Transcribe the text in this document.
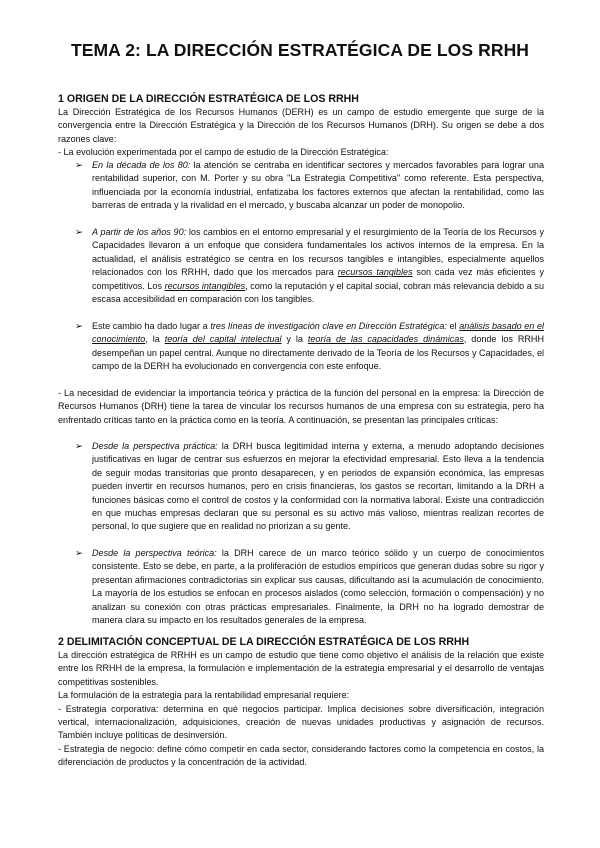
TEMA 2: LA DIRECCIÓN ESTRATÉGICA DE LOS RRHH
1 ORIGEN DE LA DIRECCIÓN ESTRATÉGICA DE LOS RRHH

La Dirección Estratégica de los Recursos Humanos (DERH) es un campo de estudio emergente que surge de la convergencia entre la Dirección Estratégica y la Dirección de los Recursos Humanos (DRH). Su origen se debe a dos razones clave:

- La evolución experimentada por el campo de estudio de la Dirección Estratégica:

➢ En la década de los 80: la atención se centraba en identificar sectores y mercados favorables para lograr una rentabilidad superior, con M. Porter y su obra "La Estrategia Competitiva" como referente. Esta perspectiva, influenciada por la economía industrial, enfatizaba los factores externos que afectan la rentabilidad, como las barreras de entrada y la rivalidad en el mercado, y buscaba alcanzar un poder de monopolio.
➢ A partir de los años 90: los cambios en el entorno empresarial y el resurgimiento de la Teoría de los Recursos y Capacidades llevaron a un enfoque que considera fundamentales los activos internos de la empresa. En la actualidad, el análisis estratégico se centra en los recursos tangibles e intangibles, especialmente aquellos relacionados con los RRHH, dado que los mercados para recursos tangibles son cada vez más eficientes y competitivos. Los recursos intangibles, como la reputación y el capital social, cobran más relevancia debido a su escasa accesibilidad en comparación con los tangibles.
➢ Este cambio ha dado lugar a tres líneas de investigación clave en Dirección Estratégica: el análisis basado en el conocimiento, la teoría del capital intelectual y la teoría de las capacidades dinámicas, donde los RRHH desempeñan un papel central. Aunque no directamente derivado de la Teoría de los Recursos y Capacidades, el campo de la DERH ha evolucionado en convergencia con este enfoque.

- La necesidad de evidenciar la importancia teórica y práctica de la función del personal en la empresa: la Dirección de Recursos Humanos (DRH) tiene la tarea de vincular los recursos humanos de una empresa con su estrategia, pero ha enfrentado críticas tanto en la práctica como en la teoría. A continuación, se presentan las principales críticas:

➢ Desde la perspectiva práctica: la DRH busca legitimidad interna y externa, a menudo adoptando decisiones justificativas en lugar de centrar sus esfuerzos en mejorar la efectividad empresarial. Esto lleva a la tendencia de seguir modas transitorias que pronto desaparecen, y en periodos de expansión económica, las empresas pueden invertir en recursos humanos, pero en crisis financieras, los gastos se recortan, limitando a la DRH a funciones básicas como el control de costos y la conformidad con la normativa laboral. Existe una contradicción en que muchas empresas declaran que su personal es su activo más valioso, mientras realizan recortes de personal, lo que sugiere que en realidad no priorizan a su gente.
➢ Desde la perspectiva teórica: la DRH carece de un marco teórico sólido y un cuerpo de conocimientos consistente. Esto se debe, en parte, a la proliferación de estudios empíricos que generan dudas sobre su rigor y presentan afirmaciones contradictorias sin explicar sus causas, dificultando así la acumulación de conocimiento. La mayoría de los estudios se enfocan en procesos aislados (como selección, formación o compensación) y no analizan su conexión con otras prácticas empresariales. Finalmente, la DRH no ha logrado demostrar de manera clara su impacto en los resultados generales de la empresa.
2 DELIMITACIÓN CONCEPTUAL DE LA DIRECCIÓN ESTRATÉGICA DE LOS RRHH

La dirección estratégica de RRHH es un campo de estudio que tiene como objetivo el análisis de la relación que existe entre los RRHH de la empresa, la formulación e implementación de la estrategia empresarial y el desarrollo de ventajas competitivas sostenibles.

La formulación de la estrategia para la rentabilidad empresarial requiere:

- Estrategia corporativa: determina en qué negocios participar. Implica decisiones sobre diversificación, integración vertical, internacionalización, adquisiciones, creación de nuevas unidades productivas y asignación de recursos. También incluye políticas de desinversión.

- Estrategia de negocio: define cómo competir en cada sector, considerando factores como la competencia en costos, la diferenciación de productos y la concentración de la actividad.
